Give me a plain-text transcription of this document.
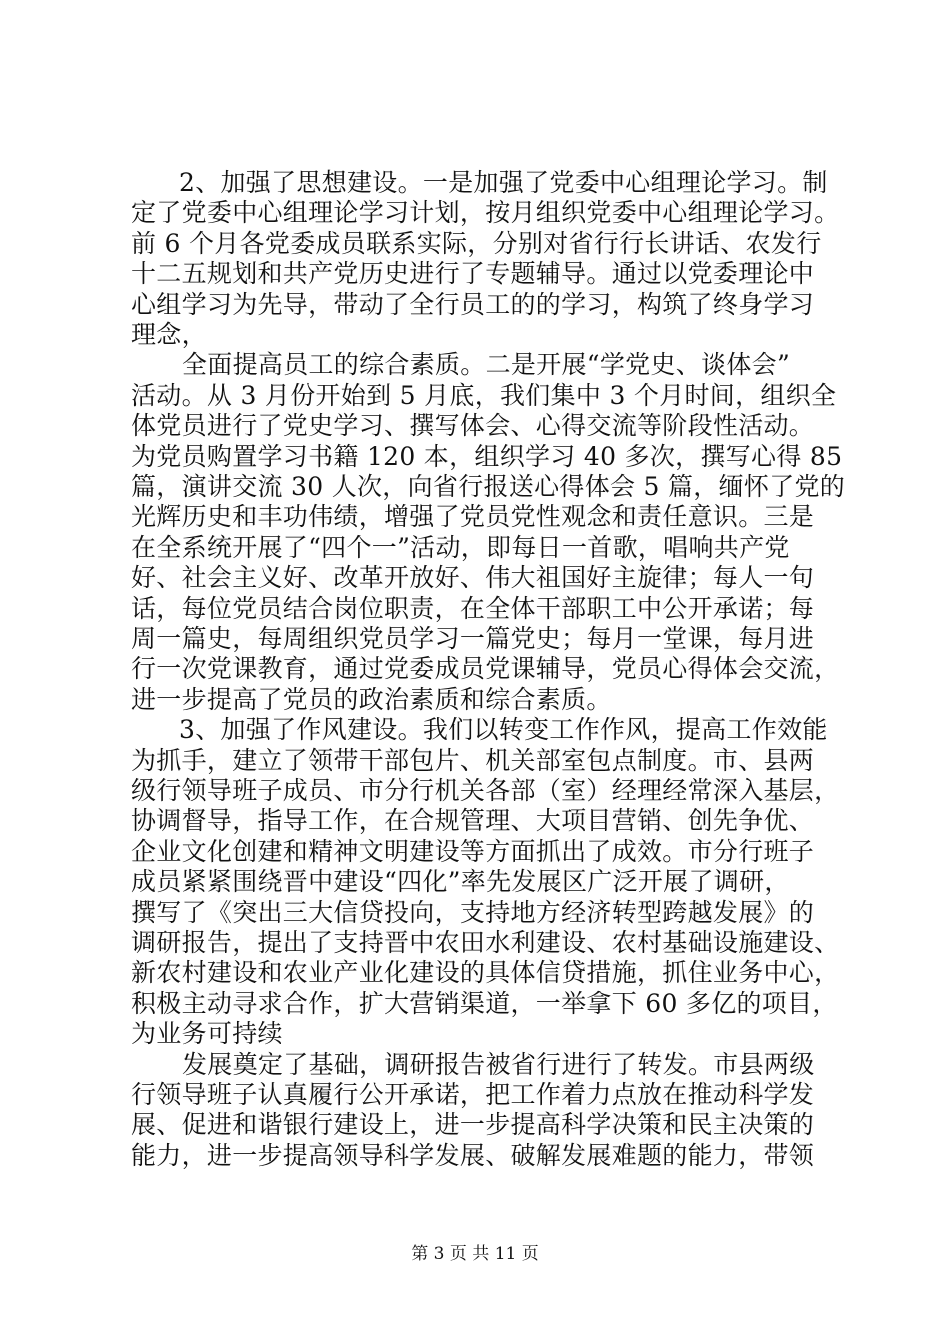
2、加强了思想建设。一是加强了党委中心组理论学习。制
定了党委中心组理论学习计划，按月组织党委中心组理论学习。
前 6 个月各党委成员联系实际，分别对省行行长讲话、农发行
十二五规划和共产党历史进行了专题辅导。通过以党委理论中
心组学习为先导，带动了全行员工的的学习，构筑了终身学习
理念，
全面提高员工的综合素质。二是开展“学党史、谈体会”
活动。从 3 月份开始到 5 月底，我们集中 3 个月时间，组织全
体党员进行了党史学习、撰写体会、心得交流等阶段性活动。
为党员购置学习书籍 120 本，组织学习 40 多次，撰写心得 85
篇，演讲交流 30 人次，向省行报送心得体会 5 篇，缅怀了党的
光辉历史和丰功伟绩，增强了党员党性观念和责任意识。三是
在全系统开展了“四个一”活动，即每日一首歌，唱响共产党
好、社会主义好、改革开放好、伟大祖国好主旋律；每人一句
话，每位党员结合岗位职责，在全体干部职工中公开承诺；每
周一篇史，每周组织党员学习一篇党史；每月一堂课，每月进
行一次党课教育，通过党委成员党课辅导，党员心得体会交流，
进一步提高了党员的政治素质和综合素质。
3、加强了作风建设。我们以转变工作作风，提高工作效能
为抓手，建立了领带干部包片、机关部室包点制度。市、县两
级行领导班子成员、市分行机关各部（室）经理经常深入基层，
协调督导，指导工作，在合规管理、大项目营销、创先争优、
企业文化创建和精神文明建设等方面抓出了成效。市分行班子
成员紧紧围绕晋中建设“四化”率先发展区广泛开展了调研，
撰写了《突出三大信贷投向，支持地方经济转型跨越发展》的
调研报告，提出了支持晋中农田水利建设、农村基础设施建设、
新农村建设和农业产业化建设的具体信贷措施，抓住业务中心，
积极主动寻求合作，扩大营销渠道，一举拿下 60 多亿的项目，
为业务可持续
发展奠定了基础，调研报告被省行进行了转发。市县两级
行领导班子认真履行公开承诺，把工作着力点放在推动科学发
展、促进和谐银行建设上，进一步提高科学决策和民主决策的
能力，进一步提高领导科学发展、破解发展难题的能力，带领
第 3 页 共 11 页
